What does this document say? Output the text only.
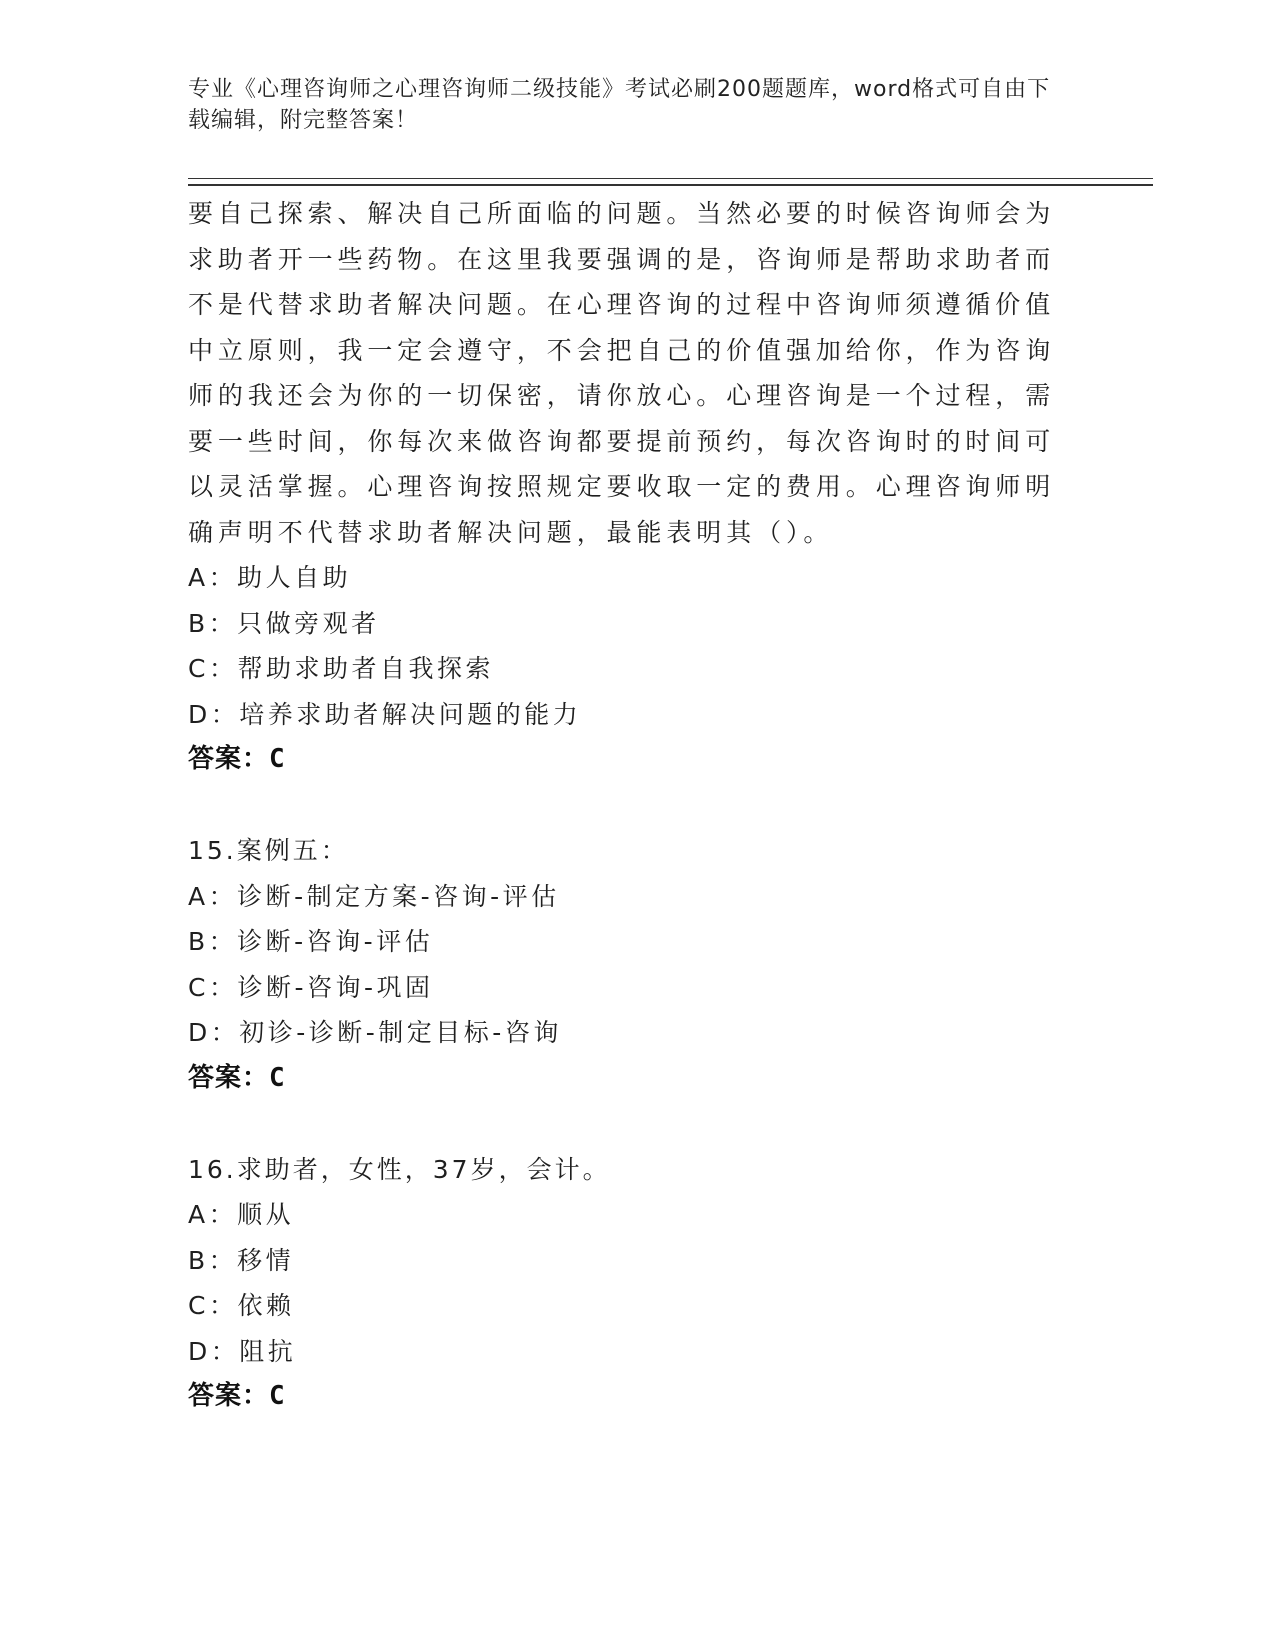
专业《心理咨询师之心理咨询师二级技能》考试必刷200题题库，word格式可自由下载编辑，附完整答案！

要自己探索、解决自己所面临的问题。当然必要的时候咨询师会为求助者开一些药物。在这里我要强调的是，咨询师是帮助求助者而不是代替求助者解决问题。在心理咨询的过程中咨询师须遵循价值中立原则，我一定会遵守，不会把自己的价值强加给你，作为咨询师的我还会为你的一切保密，请你放心。心理咨询是一个过程，需要一些时间，你每次来做咨询都要提前预约，每次咨询时的时间可以灵活掌握。心理咨询按照规定要收取一定的费用。心理咨询师明确声明不代替求助者解决问题，最能表明其（）。

A：助人自助

B：只做旁观者

C：帮助求助者自我探索

D：培养求助者解决问题的能力

答案：C

15.案例五：

A：诊断-制定方案-咨询-评估

B：诊断-咨询-评估

C：诊断-咨询-巩固

D：初诊-诊断-制定目标-咨询

答案：C

16.求助者，女性，37岁，会计。

A：顺从

B：移情

C：依赖

D：阻抗

答案：C
